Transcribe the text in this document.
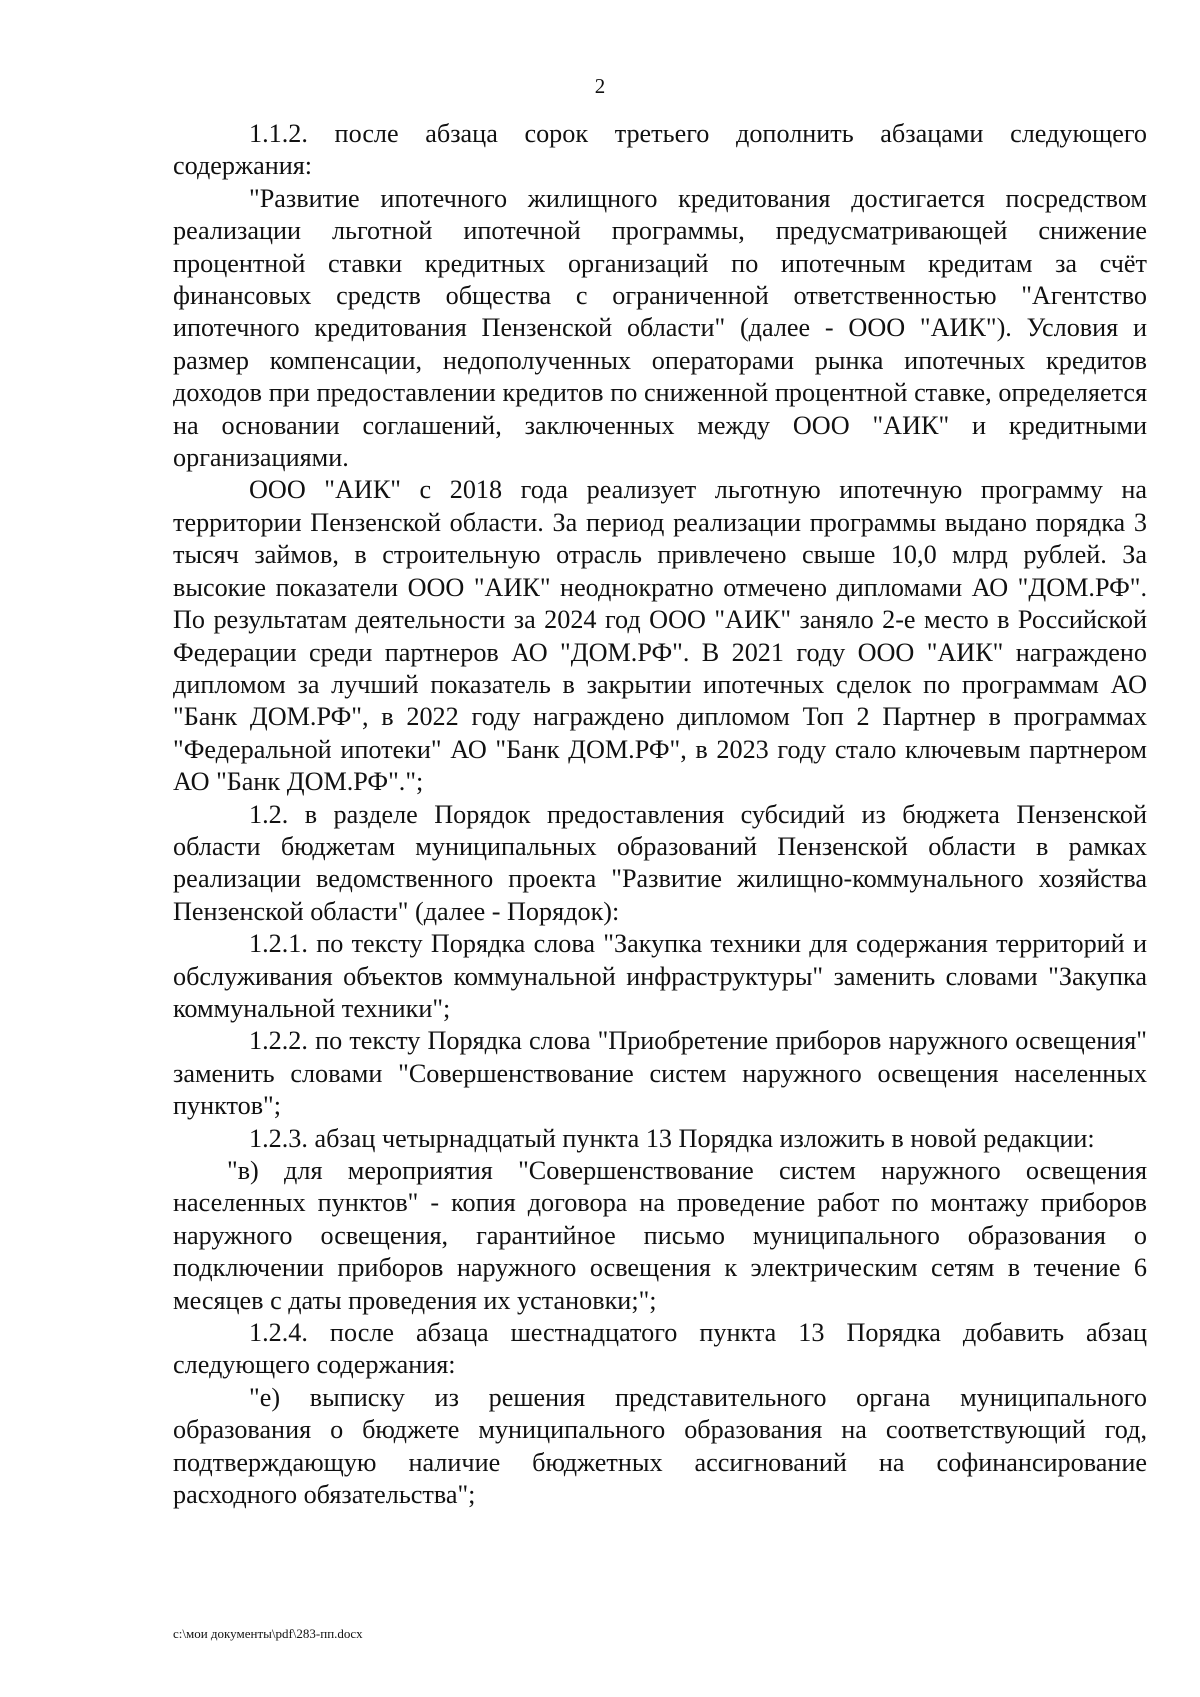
2

1.1.2. после абзаца сорок третьего дополнить абзацами следующего содержания:

"Развитие ипотечного жилищного кредитования достигается посредством реализации льготной ипотечной программы, предусматривающей снижение процентной ставки кредитных организаций по ипотечным кредитам за счёт финансовых средств общества с ограниченной ответственностью "Агентство ипотечного кредитования Пензенской области" (далее - ООО "АИК"). Условия и размер компенсации, недополученных операторами рынка ипотечных кредитов доходов при предоставлении кредитов по сниженной процентной ставке, определяется на основании соглашений, заключенных между ООО "АИК" и кредитными организациями.

ООО "АИК" с 2018 года реализует льготную ипотечную программу на территории Пензенской области. За период реализации программы выдано порядка 3 тысяч займов, в строительную отрасль привлечено свыше 10,0 млрд рублей. За высокие показатели ООО "АИК" неоднократно отмечено дипломами АО "ДОМ.РФ". По результатам деятельности за 2024 год ООО "АИК" заняло 2-е место в Российской Федерации среди партнеров АО "ДОМ.РФ". В 2021 году ООО "АИК" награждено дипломом за лучший показатель в закрытии ипотечных сделок по программам АО "Банк ДОМ.РФ", в 2022 году награждено дипломом Топ 2 Партнер в программах "Федеральной ипотеки" АО "Банк ДОМ.РФ", в 2023 году стало ключевым партнером АО "Банк ДОМ.РФ".";

1.2. в разделе Порядок предоставления субсидий из бюджета Пензенской области бюджетам муниципальных образований Пензенской области в рамках реализации ведомственного проекта "Развитие жилищно-коммунального хозяйства Пензенской области" (далее - Порядок):

1.2.1. по тексту Порядка слова "Закупка техники для содержания территорий и обслуживания объектов коммунальной инфраструктуры" заменить словами "Закупка коммунальной техники";

1.2.2. по тексту Порядка слова "Приобретение приборов наружного освещения" заменить словами "Совершенствование систем наружного освещения населенных пунктов";

1.2.3. абзац четырнадцатый пункта 13 Порядка изложить в новой редакции:

"в) для мероприятия "Совершенствование систем наружного освещения населенных пунктов" - копия договора на проведение работ по монтажу приборов наружного освещения, гарантийное письмо муниципального образования о подключении приборов наружного освещения к электрическим сетям в течение 6 месяцев с даты проведения их установки;";

1.2.4. после абзаца шестнадцатого пункта 13 Порядка добавить абзац следующего содержания:

"е) выписку из решения представительного органа муниципального образования о бюджете муниципального образования на соответствующий год, подтверждающую наличие бюджетных ассигнований на софинансирование расходного обязательства";

c:\мои документы\pdf\283-пп.docx
